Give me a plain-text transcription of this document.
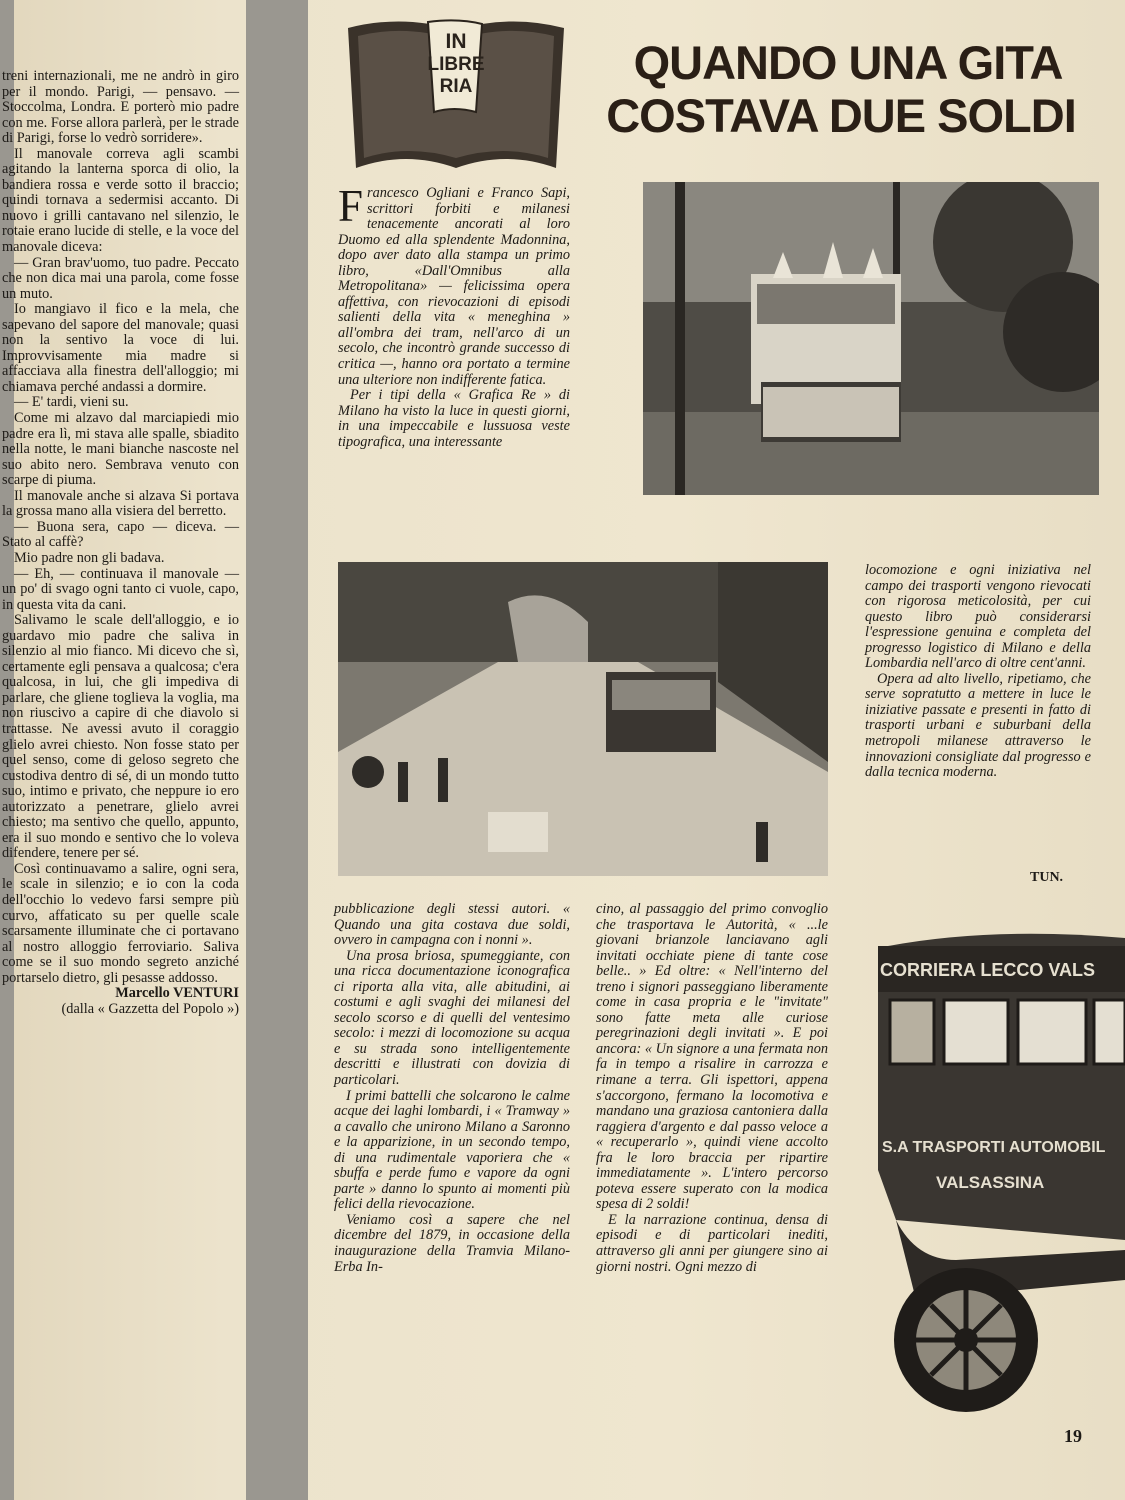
treni internazionali, me ne andrò in giro per il mondo. Parigi, — pensavo. — Stoccolma, Londra. E porterò mio padre con me. Forse allora parlerà, per le strade di Parigi, forse lo vedrò sorridere».

Il manovale correva agli scambi agitando la lanterna sporca di olio, la bandiera rossa e verde sotto il braccio; quindi tornava a sedermisi accanto. Di nuovo i grilli cantavano nel silenzio, le rotaie erano lucide di stelle, e la voce del manovale diceva:

— Gran brav'uomo, tuo padre. Peccato che non dica mai una parola, come fosse un muto.

Io mangiavo il fico e la mela, che sapevano del sapore del manovale; quasi non la sentivo la voce di lui. Improvvisamente mia madre si affacciava alla finestra dell'alloggio; mi chiamava perché andassi a dormire.

— E' tardi, vieni su.

Come mi alzavo dal marciapiedi mio padre era lì, mi stava alle spalle, sbiadito nella notte, le mani bianche nascoste nel suo abito nero. Sembrava venuto con scarpe di piuma.

Il manovale anche si alzava Si portava la grossa mano alla visiera del berretto.

— Buona sera, capo — diceva. — Stato al caffè?

Mio padre non gli badava.

— Eh, — continuava il manovale — un po' di svago ogni tanto ci vuole, capo, in questa vita da cani.

Salivamo le scale dell'alloggio, e io guardavo mio padre che saliva in silenzio al mio fianco. Mi dicevo che sì, certamente egli pensava a qualcosa; c'era qualcosa, in lui, che gli impediva di parlare, che gliene toglieva la voglia, ma non riuscivo a capire di che diavolo si trattasse. Ne avessi avuto il coraggio glielo avrei chiesto. Non fosse stato per quel senso, come di geloso segreto che custodiva dentro di sé, di un mondo tutto suo, intimo e privato, che neppure io ero autorizzato a penetrare, glielo avrei chiesto; ma sentivo che quello, appunto, era il suo mondo e sentivo che lo voleva difendere, tenere per sé.

Così continuavamo a salire, ogni sera, le scale in silenzio; e io con la coda dell'occhio lo vedevo farsi sempre più curvo, affaticato su per quelle scale scarsamente illuminate che ci portavano al nostro alloggio ferroviario. Saliva come se il suo mondo segreto anziché portarselo dietro, gli pesasse addosso.

Marcello VENTURI

(dalla « Gazzetta del Popolo »)

IN
LIBRE
RIA	QUANDO UNA GITA
COSTAVA DUE SOLDI

Francesco Ogliani e Franco Sapi, scrittori forbiti e milanesi tenacemente ancorati al loro Duomo ed alla splendente Madonnina, dopo aver dato alla stampa un primo libro, «Dall'Omnibus alla Metropolitana» — felicissima opera affettiva, con rievocazioni di episodi salienti della vita « meneghina » all'ombra dei tram, nell'arco di un secolo, che incontrò grande successo di critica —, hanno ora portato a termine una ulteriore non indifferente fatica.

Per i tipi della « Grafica Re » di Milano ha visto la luce in questi giorni, in una impeccabile e lussuosa veste tipografica, una interessante

locomozione e ogni iniziativa nel campo dei trasporti vengono rievocati con rigorosa meticolosità, per cui questo libro può considerarsi l'espressione genuina e completa del progresso logistico di Milano e della Lombardia nell'arco di oltre cent'anni.

Opera ad alto livello, ripetiamo, che serve sopratutto a mettere in luce le iniziative passate e presenti in fatto di trasporti urbani e suburbani della metropoli milanese attraverso le innovazioni consigliate dal progresso e dalla tecnica moderna.

TUN.

pubblicazione degli stessi autori. « Quando una gita costava due soldi, ovvero in campagna con i nonni ».

Una prosa briosa, spumeggiante, con una ricca documentazione iconografica ci riporta alla vita, alle abitudini, ai costumi e agli svaghi dei milanesi del secolo scorso e di quelli del ventesimo secolo: i mezzi di locomozione su acqua e su strada sono intelligentemente descritti e illustrati con dovizia di particolari.

I primi battelli che solcarono le calme acque dei laghi lombardi, i « Tramway » a cavallo che unirono Milano a Saronno e la apparizione, in un secondo tempo, di una rudimentale vaporiera che « sbuffa e perde fumo e vapore da ogni parte » danno lo spunto ai momenti più felici della rievocazione.

Veniamo così a sapere che nel dicembre del 1879, in occasione della inaugurazione della Tramvia Milano-Erba In-

cino, al passaggio del primo convoglio che trasportava le Autorità, « ...le giovani brianzole lanciavano agli invitati occhiate piene di tante cose belle.. » Ed oltre: « Nell'interno del treno i signori passeggiano liberamente come in casa propria e le "invitate" sono fatte meta alle curiose peregrinazioni degli invitati ». E poi ancora: « Un signore a una fermata non fa in tempo a risalire in carrozza e rimane a terra. Gli ispettori, appena s'accorgono, fermano la locomotiva e mandano una graziosa cantoniera dalla raggiera d'argento e dal passo veloce a « recuperarlo », quindi viene accolto fra le loro braccia per ripartire immediatamente ». L'intero percorso poteva essere superato con la modica spesa di 2 soldi!

E la narrazione continua, densa di episodi e di particolari inediti, attraverso gli anni per giungere sino ai giorni nostri. Ogni mezzo di

CORRIERA LECCO VALS
S.A TRASPORTI AUTOMOBIL
VALSASSINA
19
